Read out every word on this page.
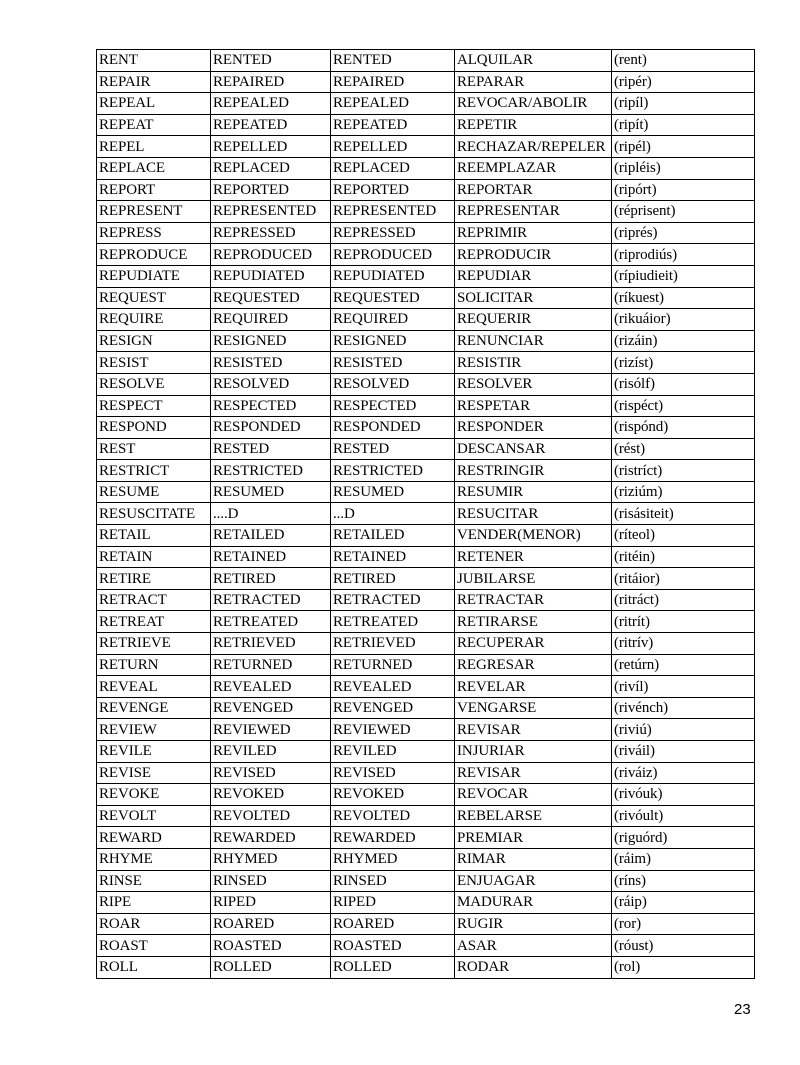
RENT	RENTED	RENTED	ALQUILAR	(rent)
REPAIR	REPAIRED	REPAIRED	REPARAR	(ripér)
REPEAL	REPEALED	REPEALED	REVOCAR/ABOLIR	(ripíl)
REPEAT	REPEATED	REPEATED	REPETIR	(ripít)
REPEL	REPELLED	REPELLED	RECHAZAR/REPELER	(ripél)
REPLACE	REPLACED	REPLACED	REEMPLAZAR	(ripléis)
REPORT	REPORTED	REPORTED	REPORTAR	(ripórt)
REPRESENT	REPRESENTED	REPRESENTED	REPRESENTAR	(réprisent)
REPRESS	REPRESSED	REPRESSED	REPRIMIR	(riprés)
REPRODUCE	REPRODUCED	REPRODUCED	REPRODUCIR	(riprodiús)
REPUDIATE	REPUDIATED	REPUDIATED	REPUDIAR	(rípiudieit)
REQUEST	REQUESTED	REQUESTED	SOLICITAR	(ríkuest)
REQUIRE	REQUIRED	REQUIRED	REQUERIR	(rikuáior)
RESIGN	RESIGNED	RESIGNED	RENUNCIAR	(rizáin)
RESIST	RESISTED	RESISTED	RESISTIR	(rizíst)
RESOLVE	RESOLVED	RESOLVED	RESOLVER	(risólf)
RESPECT	RESPECTED	RESPECTED	RESPETAR	(rispéct)
RESPOND	RESPONDED	RESPONDED	RESPONDER	(rispónd)
REST	RESTED	RESTED	DESCANSAR	(rést)
RESTRICT	RESTRICTED	RESTRICTED	RESTRINGIR	(ristríct)
RESUME	RESUMED	RESUMED	RESUMIR	(riziúm)
RESUSCITATE	....D	...D	RESUCITAR	(risásiteit)
RETAIL	RETAILED	RETAILED	VENDER(MENOR)	(ríteol)
RETAIN	RETAINED	RETAINED	RETENER	(ritéin)
RETIRE	RETIRED	RETIRED	JUBILARSE	(ritáior)
RETRACT	RETRACTED	RETRACTED	RETRACTAR	(ritráct)
RETREAT	RETREATED	RETREATED	RETIRARSE	(ritrít)
RETRIEVE	RETRIEVED	RETRIEVED	RECUPERAR	(ritrív)
RETURN	RETURNED	RETURNED	REGRESAR	(retúrn)
REVEAL	REVEALED	REVEALED	REVELAR	(rivíl)
REVENGE	REVENGED	REVENGED	VENGARSE	(rivénch)
REVIEW	REVIEWED	REVIEWED	REVISAR	(riviú)
REVILE	REVILED	REVILED	INJURIAR	(riváil)
REVISE	REVISED	REVISED	REVISAR	(riváiz)
REVOKE	REVOKED	REVOKED	REVOCAR	(rivóuk)
REVOLT	REVOLTED	REVOLTED	REBELARSE	(rivóult)
REWARD	REWARDED	REWARDED	PREMIAR	(riguórd)
RHYME	RHYMED	RHYMED	RIMAR	(ráim)
RINSE	RINSED	RINSED	ENJUAGAR	(ríns)
RIPE	RIPED	RIPED	MADURAR	(ráip)
ROAR	ROARED	ROARED	RUGIR	(ror)
ROAST	ROASTED	ROASTED	ASAR	(róust)
ROLL	ROLLED	ROLLED	RODAR	(rol)
23
